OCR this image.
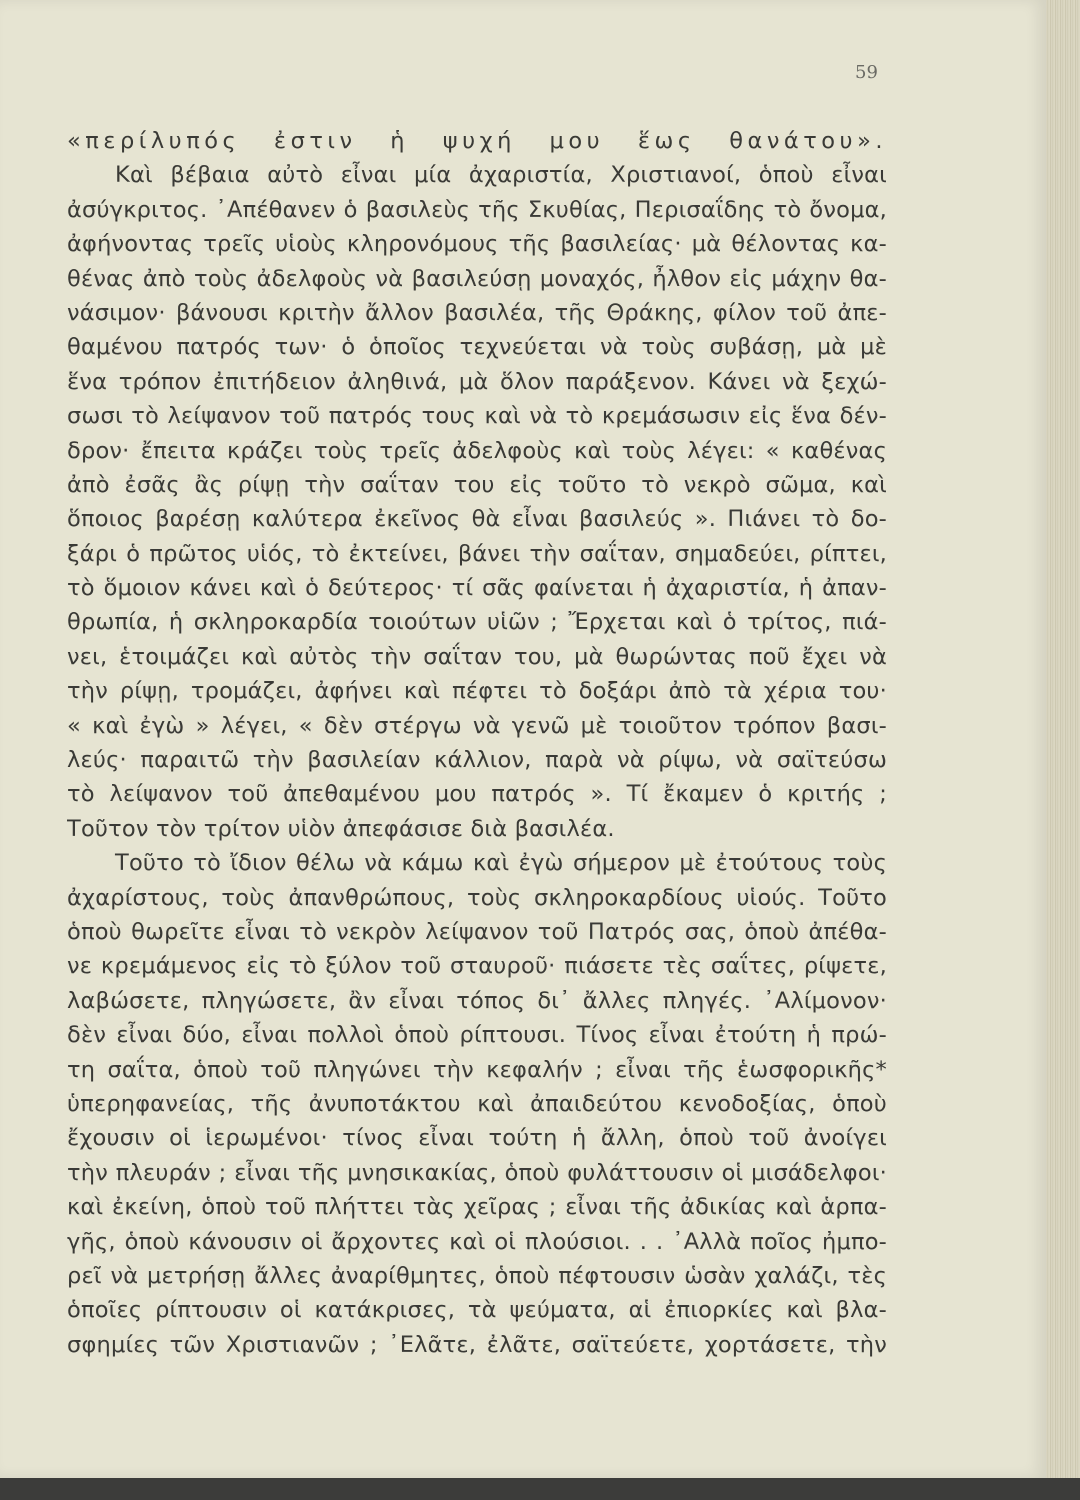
59
«περίλυπός ἐστιν ἡ ψυχή μου ἕως θανάτου».
Καὶ βέβαια αὐτὸ εἶναι μία ἀχαριστία, Χριστιανοί, ὁποὺ εἶναι
ἀσύγκριτος. ᾿Απέθανεν ὁ βασιλεὺς τῆς Σκυθίας, Περισαΐδης τὸ ὄνομα,
ἀφήνοντας τρεῖς υἱοὺς κληρονόμους τῆς βασιλείας· μὰ θέλοντας κα-
θένας ἀπὸ τοὺς ἀδελφοὺς νὰ βασιλεύσῃ μοναχός, ἦλθον εἰς μάχην θα-
νάσιμον· βάνουσι κριτὴν ἄλλον βασιλέα, τῆς Θράκης, φίλον τοῦ ἀπε-
θαμένου πατρός των· ὁ ὁποῖος τεχνεύεται νὰ τοὺς συβάσῃ, μὰ μὲ
ἕνα τρόπον ἐπιτήδειον ἀληθινά, μὰ ὅλον παράξενον. Κάνει νὰ ξεχώ-
σωσι τὸ λείψανον τοῦ πατρός τους καὶ νὰ τὸ κρεμάσωσιν εἰς ἕνα δέν-
δρον· ἔπειτα κράζει τοὺς τρεῖς ἀδελφοὺς καὶ τοὺς λέγει: « καθένας
ἀπὸ ἐσᾶς ἂς ρίψῃ τὴν σαΐταν του εἰς τοῦτο τὸ νεκρὸ σῶμα, καὶ
ὅποιος βαρέσῃ καλύτερα ἐκεῖνος θὰ εἶναι βασιλεύς ». Πιάνει τὸ δο-
ξάρι ὁ πρῶτος υἱός, τὸ ἐκτείνει, βάνει τὴν σαΐταν, σημαδεύει, ρίπτει,
τὸ ὅμοιον κάνει καὶ ὁ δεύτερος· τί σᾶς φαίνεται ἡ ἀχαριστία, ἡ ἀπαν-
θρωπία, ἡ σκληροκαρδία τοιούτων υἱῶν ; Ἔρχεται καὶ ὁ τρίτος, πιά-
νει, ἑτοιμάζει καὶ αὐτὸς τὴν σαΐταν του, μὰ θωρώντας ποῦ ἔχει νὰ
τὴν ρίψῃ, τρομάζει, ἀφήνει καὶ πέφτει τὸ δοξάρι ἀπὸ τὰ χέρια του·
« καὶ ἐγὼ » λέγει, « δὲν στέργω νὰ γενῶ μὲ τοιοῦτον τρόπον βασι-
λεύς· παραιτῶ τὴν βασιλείαν κάλλιον, παρὰ νὰ ρίψω, νὰ σαϊτεύσω
τὸ λείψανον τοῦ ἀπεθαμένου μου πατρός ». Τί ἔκαμεν ὁ κριτής ;
Τοῦτον τὸν τρίτον υἱὸν ἀπεφάσισε διὰ βασιλέα.
Τοῦτο τὸ ἴδιον θέλω νὰ κάμω καὶ ἐγὼ σήμερον μὲ ἐτούτους τοὺς
ἀχαρίστους, τοὺς ἀπανθρώπους, τοὺς σκληροκαρδίους υἱούς. Τοῦτο
ὁποὺ θωρεῖτε εἶναι τὸ νεκρὸν λείψανον τοῦ Πατρός σας, ὁποὺ ἀπέθα-
νε κρεμάμενος εἰς τὸ ξύλον τοῦ σταυροῦ· πιάσετε τὲς σαΐτες, ρίψετε,
λαβώσετε, πληγώσετε, ἂν εἶναι τόπος δι᾿ ἄλλες πληγές. ᾿Αλίμονον·
δὲν εἶναι δύο, εἶναι πολλοὶ ὁποὺ ρίπτουσι. Τίνος εἶναι ἐτούτη ἡ πρώ-
τη σαΐτα, ὁποὺ τοῦ πληγώνει τὴν κεφαλήν ; εἶναι τῆς ἑωσφορικῆς*
ὑπερηφανείας, τῆς ἀνυποτάκτου καὶ ἀπαιδεύτου κενοδοξίας, ὁποὺ
ἔχουσιν οἱ ἱερωμένοι· τίνος εἶναι τούτη ἡ ἄλλη, ὁποὺ τοῦ ἀνοίγει
τὴν πλευράν ; εἶναι τῆς μνησικακίας, ὁποὺ φυλάττουσιν οἱ μισάδελφοι·
καὶ ἐκείνη, ὁποὺ τοῦ πλήττει τὰς χεῖρας ; εἶναι τῆς ἀδικίας καὶ ἁρπα-
γῆς, ὁποὺ κάνουσιν οἱ ἄρχοντες καὶ οἱ πλούσιοι. . . ᾿Αλλὰ ποῖος ἠμπο-
ρεῖ νὰ μετρήσῃ ἄλλες ἀναρίθμητες, ὁποὺ πέφτουσιν ὡσὰν χαλάζι, τὲς
ὁποῖες ρίπτουσιν οἱ κατάκρισες, τὰ ψεύματα, αἱ ἐπιορκίες καὶ βλα-
σφημίες τῶν Χριστιανῶν ; ᾿Ελᾶτε, ἐλᾶτε, σαϊτεύετε, χορτάσετε, τὴν
